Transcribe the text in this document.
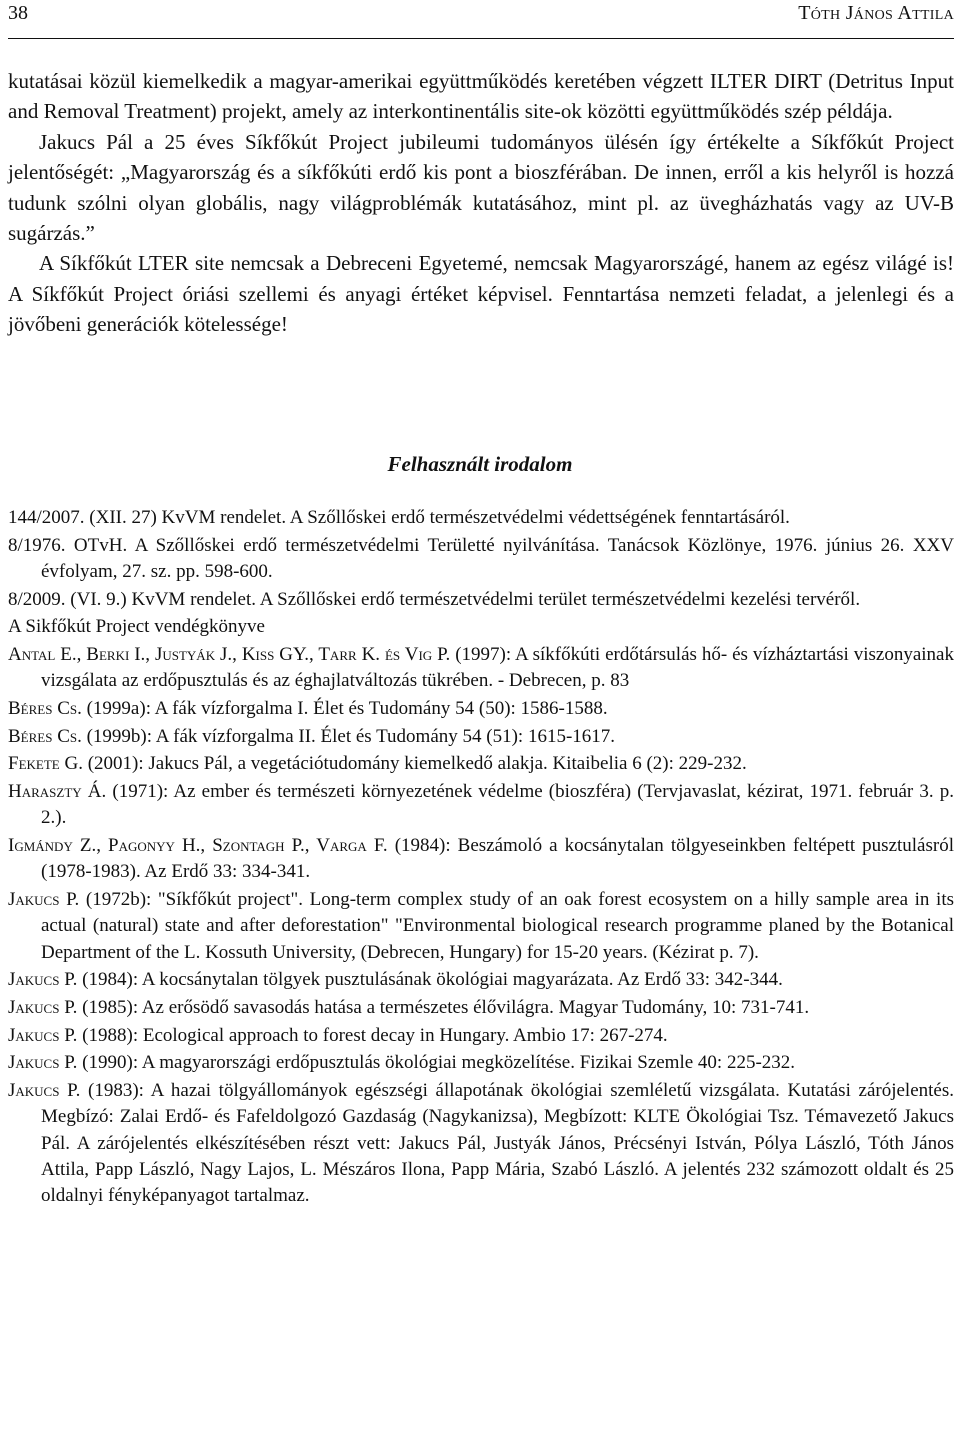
38	Tóth János Attila

kutatásai közül kiemelkedik a magyar-amerikai együttműködés keretében végzett ILTER DIRT (Detritus Input and Removal Treatment) projekt, amely az interkontinentális site-ok közötti együttműködés szép példája.

Jakucs Pál a 25 éves Síkfőkút Project jubileumi tudományos ülésén így értékelte a Síkfőkút Project jelentőségét: „Magyarország és a síkfőkúti erdő kis pont a bioszférában. De innen, erről a kis helyről is hozzá tudunk szólni olyan globális, nagy világproblémák kutatásához, mint pl. az üvegházhatás vagy az UV-B sugárzás.”

A Síkfőkút LTER site nemcsak a Debreceni Egyetemé, nemcsak Magyarországé, hanem az egész világé is! A Síkfőkút Project óriási szellemi és anyagi értéket képvisel. Fenntartása nemzeti feladat, a jelenlegi és a jövőbeni generációk kötelessége!

Felhasznált irodalom

144/2007. (XII. 27) KvVM rendelet. A Szőllőskei erdő természetvédelmi védettségének fenntartásáról.

8/1976. OTvH. A Szőllőskei erdő természetvédelmi Területté nyilvánítása. Tanácsok Közlönye, 1976. június 26. XXV évfolyam, 27. sz. pp. 598-600.

8/2009. (VI. 9.) KvVM rendelet. A Szőllőskei erdő természetvédelmi terület természetvédelmi kezelési tervéről.

A Sikfőkút Project vendégkönyve

Antal E., Berki I., Justyák J., Kiss GY., Tarr K. és Vig P. (1997): A síkfőkúti erdőtársulás hő- és vízháztartási viszonyainak vizsgálata az erdőpusztulás és az éghajlatváltozás tükrében. - Debrecen, p. 83

Béres Cs. (1999a): A fák vízforgalma I. Élet és Tudomány 54 (50): 1586-1588.

Béres Cs. (1999b): A fák vízforgalma II. Élet és Tudomány 54 (51): 1615-1617.

Fekete G. (2001): Jakucs Pál, a vegetációtudomány kiemelkedő alakja. Kitaibelia 6 (2): 229-232.

Haraszty Á. (1971): Az ember és természeti környezetének védelme (bioszféra) (Tervjavaslat, kézirat, 1971. február 3. p. 2.).

Igmándy Z., Pagonyy H., Szontagh P., Varga F. (1984): Beszámoló a kocsánytalan tölgyeseinkben feltépett pusztulásról (1978-1983). Az Erdő 33: 334-341.

Jakucs P. (1972b): "Síkfőkút project". Long-term complex study of an oak forest ecosystem on a hilly sample area in its actual (natural) state and after deforestation" "Environmental biological research programme planed by the Botanical Department of the L. Kossuth University, (Debrecen, Hungary) for 15-20 years. (Kézirat p. 7).

Jakucs P. (1984): A kocsánytalan tölgyek pusztulásának ökológiai magyarázata. Az Erdő 33: 342-344.

Jakucs P. (1985): Az erősödő savasodás hatása a természetes élővilágra. Magyar Tudomány, 10: 731-741.

Jakucs P. (1988): Ecological approach to forest decay in Hungary. Ambio 17: 267-274.

Jakucs P. (1990): A magyarországi erdőpusztulás ökológiai megközelítése. Fizikai Szemle 40: 225-232.

Jakucs P. (1983): A hazai tölgyállományok egészségi állapotának ökológiai szemléletű vizsgálata. Kutatási zárójelentés. Megbízó: Zalai Erdő- és Fafeldolgozó Gazdaság (Nagykanizsa), Megbízott: KLTE Ökológiai Tsz. Témavezető Jakucs Pál. A zárójelentés elkészítésében részt vett: Jakucs Pál, Justyák János, Précsényi István, Pólya László, Tóth János Attila, Papp László, Nagy Lajos, L. Mészáros Ilona, Papp Mária, Szabó László. A jelentés 232 számozott oldalt és 25 oldalnyi fényképanyagot tartalmaz.
